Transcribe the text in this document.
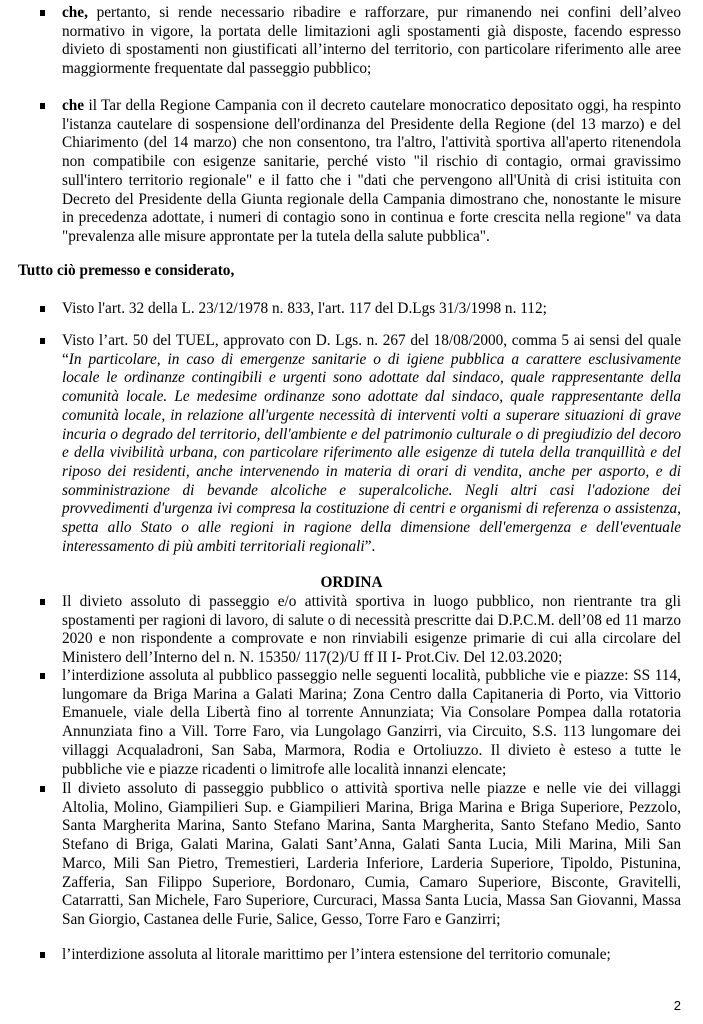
che, pertanto, si rende necessario ribadire e rafforzare, pur rimanendo nei confini dell’alveo normativo in vigore, la portata delle limitazioni agli spostamenti già disposte, facendo espresso divieto di spostamenti non giustificati all’interno del territorio, con particolare riferimento alle aree maggiormente frequentate dal passeggio pubblico;
che il Tar della Regione Campania con il decreto cautelare monocratico depositato oggi, ha respinto l'istanza cautelare di sospensione dell'ordinanza del Presidente della Regione (del 13 marzo) e del Chiarimento (del 14 marzo) che non consentono, tra l'altro, l'attività sportiva all'aperto ritenendola non compatibile con esigenze sanitarie, perché visto "il rischio di contagio, ormai gravissimo sull'intero territorio regionale" e il fatto che i "dati che pervengono all'Unità di crisi istituita con Decreto del Presidente della Giunta regionale della Campania dimostrano che, nonostante le misure in precedenza adottate, i numeri di contagio sono in continua e forte crescita nella regione" va data "prevalenza alle misure approntate per la tutela della salute pubblica".
Tutto ciò premesso e considerato,
Visto l'art. 32 della L. 23/12/1978 n. 833, l'art. 117 del D.Lgs 31/3/1998 n. 112;
Visto l’art. 50 del TUEL, approvato con D. Lgs. n. 267 del 18/08/2000, comma 5 ai sensi del quale “In particolare, in caso di emergenze sanitarie o di igiene pubblica a carattere esclusivamente locale le ordinanze contingibili e urgenti sono adottate dal sindaco, quale rappresentante della comunità locale. Le medesime ordinanze sono adottate dal sindaco, quale rappresentante della comunità locale, in relazione all'urgente necessità di interventi volti a superare situazioni di grave incuria o degrado del territorio, dell'ambiente e del patrimonio culturale o di pregiudizio del decoro e della vivibilità urbana, con particolare riferimento alle esigenze di tutela della tranquillità e del riposo dei residenti, anche intervenendo in materia di orari di vendita, anche per asporto, e di somministrazione di bevande alcoliche e superalcoliche. Negli altri casi l'adozione dei provvedimenti d'urgenza ivi compresa la costituzione di centri e organismi di referenza o assistenza, spetta allo Stato o alle regioni in ragione della dimensione dell'emergenza e dell'eventuale interessamento di più ambiti territoriali regionali”.
ORDINA
Il divieto assoluto di passeggio e/o attività sportiva in luogo pubblico, non rientrante tra gli spostamenti per ragioni di lavoro, di salute o di necessità prescritte dai D.P.C.M. dell’08 ed 11 marzo 2020 e non rispondente a comprovate e non rinviabili esigenze primarie di cui alla circolare del Ministero dell’Interno del n. N. 15350/ 117(2)/U ff II I- Prot.Civ. Del 12.03.2020;
l’interdizione assoluta al pubblico passeggio nelle seguenti località, pubbliche vie e piazze: SS 114, lungomare da Briga Marina a Galati Marina; Zona Centro dalla Capitaneria di Porto, via Vittorio Emanuele, viale della Libertà fino al torrente Annunziata; Via Consolare Pompea dalla rotatoria Annunziata fino a Vill. Torre Faro, via Lungolago Ganzirri, via Circuito, S.S. 113 lungomare dei villaggi Acqualadroni, San Saba, Marmora, Rodia e Ortoliuzzo. Il divieto è esteso a tutte le pubbliche vie e piazze ricadenti o limitrofe alle località innanzi elencate;
Il divieto assoluto di passeggio pubblico o attività sportiva nelle piazze e nelle vie dei villaggi Altolia, Molino, Giampilieri Sup. e Giampilieri Marina, Briga Marina e Briga Superiore, Pezzolo, Santa Margherita Marina, Santo Stefano Marina, Santa Margherita, Santo Stefano Medio, Santo Stefano di Briga, Galati Marina, Galati Sant’Anna, Galati Santa Lucia, Mili Marina, Mili San Marco, Mili San Pietro, Tremestieri, Larderia Inferiore, Larderia Superiore, Tipoldo, Pistunina, Zafferia, San Filippo Superiore, Bordonaro, Cumia, Camaro Superiore, Bisconte, Gravitelli, Catarratti, San Michele, Faro Superiore, Curcuraci, Massa Santa Lucia, Massa San Giovanni, Massa San Giorgio, Castanea delle Furie, Salice, Gesso, Torre Faro e Ganzirri;
l’interdizione assoluta al litorale marittimo per l’intera estensione del territorio comunale;
2
